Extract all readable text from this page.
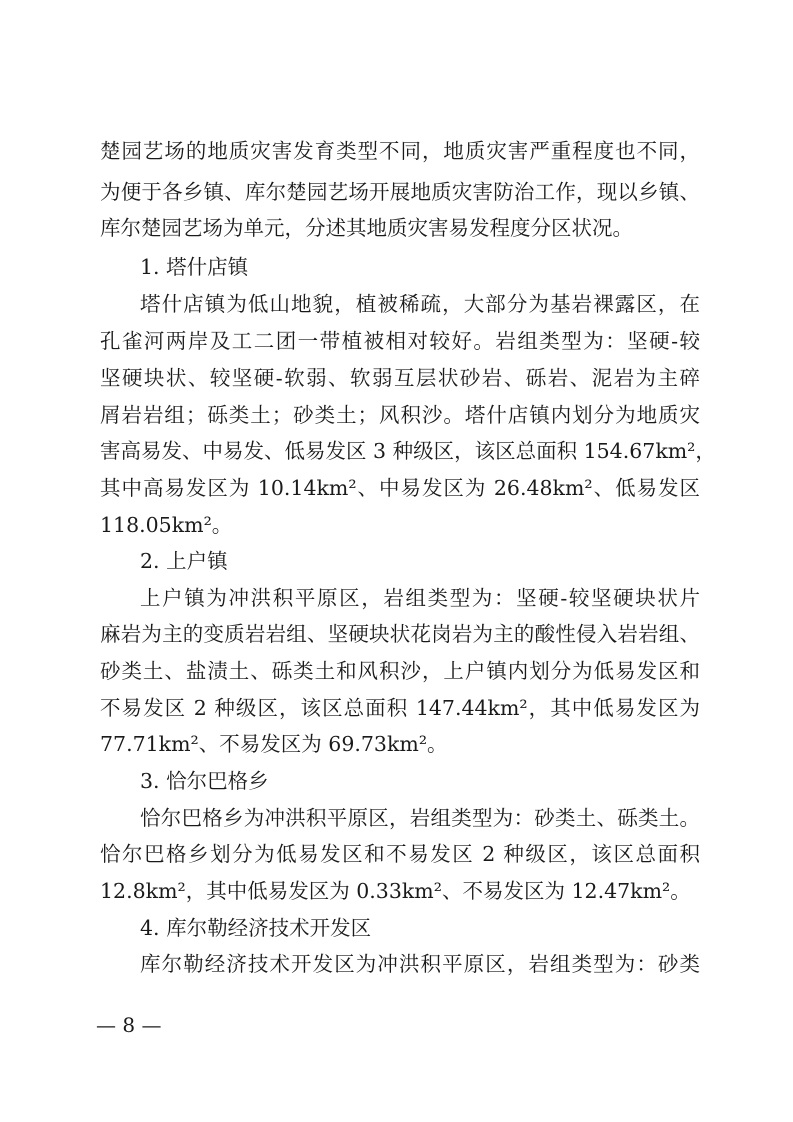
楚园艺场的地质灾害发育类型不同，地质灾害严重程度也不同，
为便于各乡镇、库尔楚园艺场开展地质灾害防治工作，现以乡镇、
库尔楚园艺场为单元，分述其地质灾害易发程度分区状况。
1. 塔什店镇
塔什店镇为低山地貌，植被稀疏，大部分为基岩裸露区，在
孔雀河两岸及工二团一带植被相对较好。岩组类型为：坚硬-较
坚硬块状、较坚硬-软弱、软弱互层状砂岩、砾岩、泥岩为主碎
屑岩岩组；砾类土；砂类土；风积沙。塔什店镇内划分为地质灾
害高易发、中易发、低易发区 3 种级区，该区总面积 154.67km²，
其中高易发区为 10.14km²、中易发区为 26.48km²、低易发区
118.05km²。
2. 上户镇
上户镇为冲洪积平原区，岩组类型为：坚硬-较坚硬块状片
麻岩为主的变质岩岩组、坚硬块状花岗岩为主的酸性侵入岩岩组、
砂类土、盐渍土、砾类土和风积沙，上户镇内划分为低易发区和
不易发区 2 种级区，该区总面积 147.44km²，其中低易发区为
77.71km²、不易发区为 69.73km²。
3. 恰尔巴格乡
恰尔巴格乡为冲洪积平原区，岩组类型为：砂类土、砾类土。
恰尔巴格乡划分为低易发区和不易发区 2 种级区，该区总面积
12.8km²，其中低易发区为 0.33km²、不易发区为 12.47km²。
4. 库尔勒经济技术开发区
库尔勒经济技术开发区为冲洪积平原区，岩组类型为：砂类
— 8 —
